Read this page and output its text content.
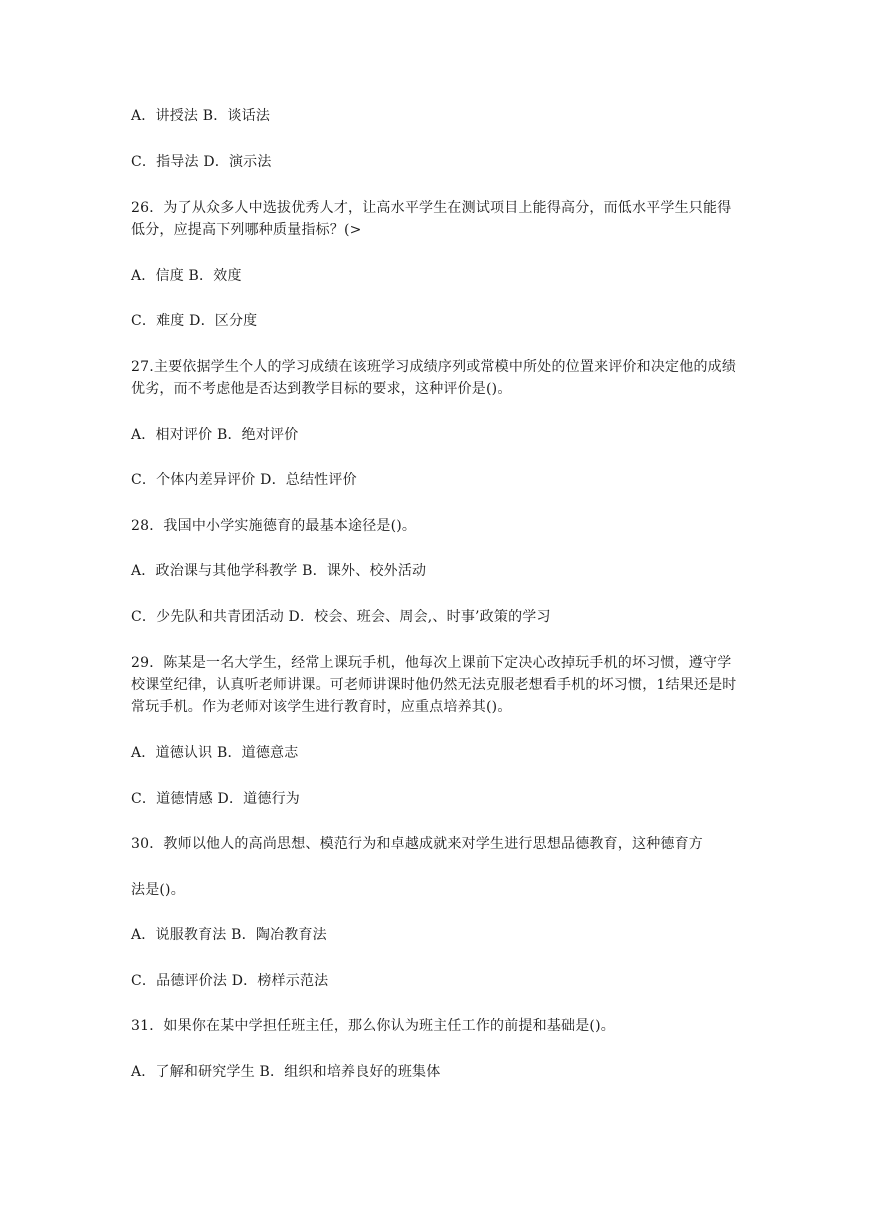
A．讲授法 B．谈话法
C．指导法 D．演示法
26．为了从众多人中选拔优秀人才，让高水平学生在测试项目上能得高分，而低水平学生只能得低分，应提高下列哪种质量指标？(>
A．信度 B．效度
C．难度 D．区分度
27.主要依据学生个人的学习成绩在该班学习成绩序列或常模中所处的位置来评价和决定他的成绩优劣，而不考虑他是否达到教学目标的要求，这种评价是()。
A．相对评价 B．绝对评价
C．个体内差异评价 D．总结性评价
28．我国中小学实施德育的最基本途径是()。
A．政治课与其他学科教学 B．课外、校外活动
C．少先队和共青团活动 D．校会、班会、周会,、时事’政策的学习
29．陈某是一名大学生，经常上课玩手机，他每次上课前下定决心改掉玩手机的坏习惯，遵守学校课堂纪律，认真听老师讲课。可老师讲课时他仍然无法克服老想看手机的坏习惯，1结果还是时常玩手机。作为老师对该学生进行教育时，应重点培养其()。
A．道德认识 B．道德意志
C．道德情感 D．道德行为
30．教师以他人的高尚思想、模范行为和卓越成就来对学生进行思想品德教育，这种德育方
法是()。
A．说服教育法 B．陶冶教育法
C．品德评价法 D．榜样示范法
31．如果你在某中学担任班主任，那么你认为班主任工作的前提和基础是()。
A．了解和研究学生 B．组织和培养良好的班集体
